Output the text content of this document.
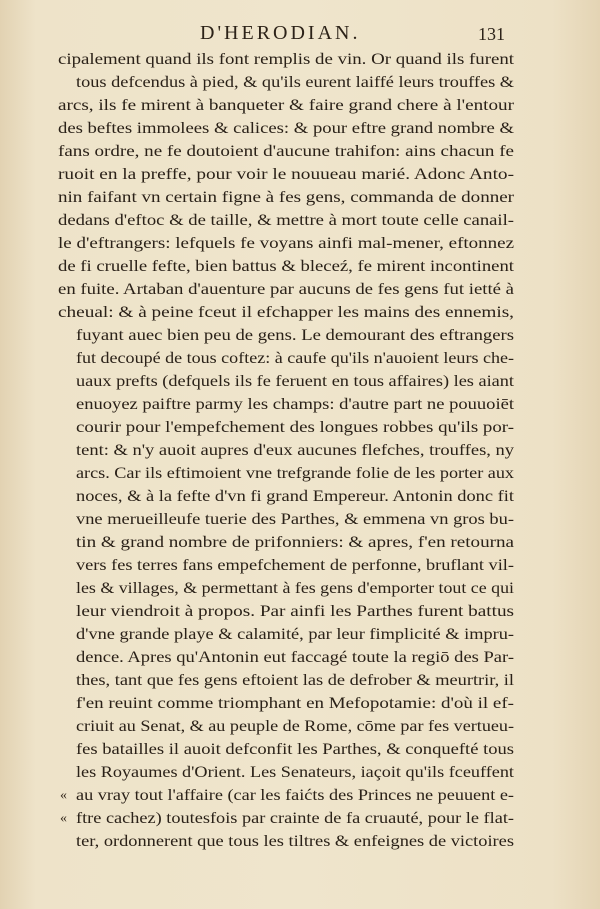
D'HERODIAN.	131
cipalement quand ils font remplis de vin. Or quand ils furent
tous defcendus à pied, & qu'ils eurent laiffé leurs trouffes &
arcs, ils fe mirent à banqueter & faire grand chere à l'entour
des beftes immolees & calices: & pour eftre grand nombre &
fans ordre, ne fe doutoient d'aucune trahifon: ains chacun fe
ruoit en la preffe, pour voir le nouueau marié. Adonc Anto-
nin faifant vn certain figne à fes gens, commanda de donner
dedans d'eftoc & de taille, & mettre à mort toute celle canail-
le d'eftrangers: lefquels fe voyans ainfi mal-mener, eftonnez
de fi cruelle fefte, bien battus & bleceź, fe mirent incontinent
en fuite. Artaban d'auenture par aucuns de fes gens fut ietté à
cheual: & à peine fceut il efchapper les mains des ennemis,
fuyant auec bien peu de gens. Le demourant des eftrangers
fut decoupé de tous coftez: à caufe qu'ils n'auoient leurs che-
uaux prefts (defquels ils fe feruent en tous affaires) les aiant
enuoyez paiftre parmy les champs: d'autre part ne pouuoiēt
courir pour l'empefchement des longues robbes qu'ils por-
tent: & n'y auoit aupres d'eux aucunes flefches, trouffes, ny
arcs. Car ils eftimoient vne trefgrande folie de les porter aux
noces, & à la fefte d'vn fi grand Empereur. Antonin donc fit
vne merueilleufe tuerie des Parthes, & emmena vn gros bu-
tin & grand nombre de prifonniers: & apres, f'en retourna
vers fes terres fans empefchement de perfonne, bruflant vil-
les & villages, & permettant à fes gens d'emporter tout ce qui
leur viendroit à propos. Par ainfi les Parthes furent battus
d'vne grande playe & calamité, par leur fimplicité & impru-
dence. Apres qu'Antonin eut faccagé toute la regiō des Par-
thes, tant que fes gens eftoient las de defrober & meurtrir, il
f'en reuint comme triomphant en Mefopotamie: d'où il ef-
criuit au Senat, & au peuple de Rome, cōme par fes vertueu-
fes batailles il auoit defconfit les Parthes, & conquefté tous
les Royaumes d'Orient. Les Senateurs, iaçoit qu'ils fceuffent
au vray tout l'affaire (car les faićts des Princes ne peuuent e-
ftre cachez) toutesfois par crainte de fa cruauté, pour le flat-
ter, ordonnerent que tous les tiltres & enfeignes de victoires
«
«
